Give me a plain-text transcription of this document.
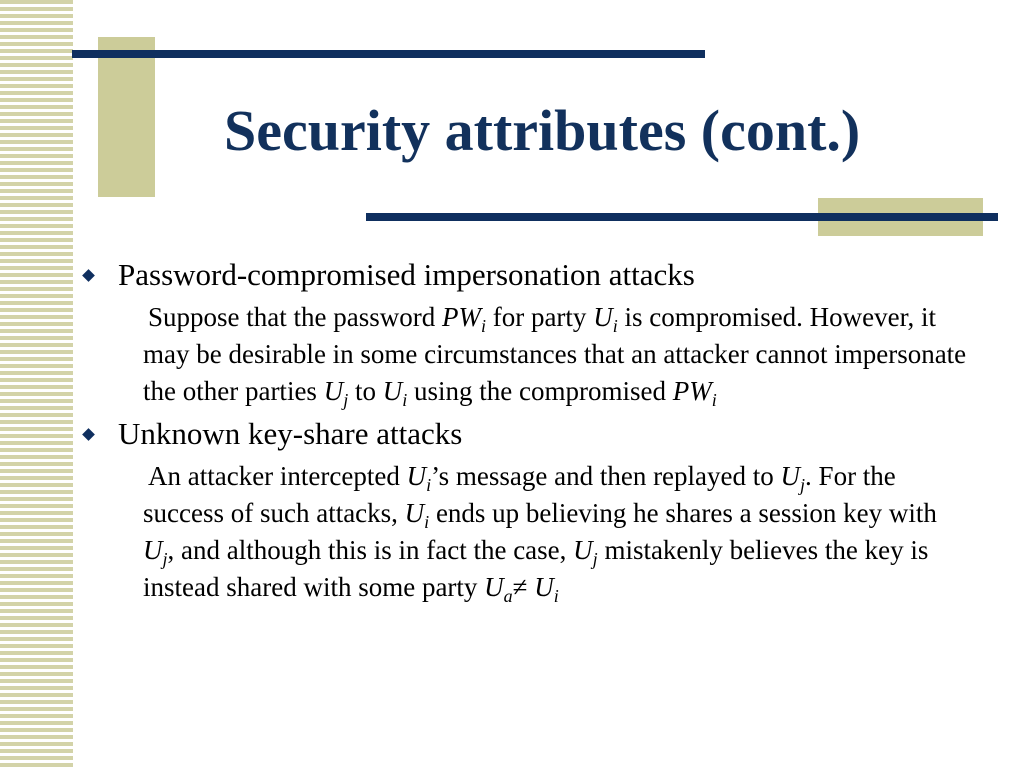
Security attributes (cont.)
Password-compromised impersonation attacks
Suppose that the password $PW_i$ for party $U_i$ is compromised. However, it may be desirable in some circumstances that an attacker cannot impersonate the other parties $U_j$ to $U_i$ using the compromised $PW_i$
Unknown key-share attacks
An attacker intercepted $U_i’s$ message and then replayed to $U_j$. For the success of such attacks, $U_i$ ends up believing he shares a session key with $U_j$, and although this is in fact the case, $U_j$ mistakenly believes the key is instead shared with some party $U_a\ne U_i$
